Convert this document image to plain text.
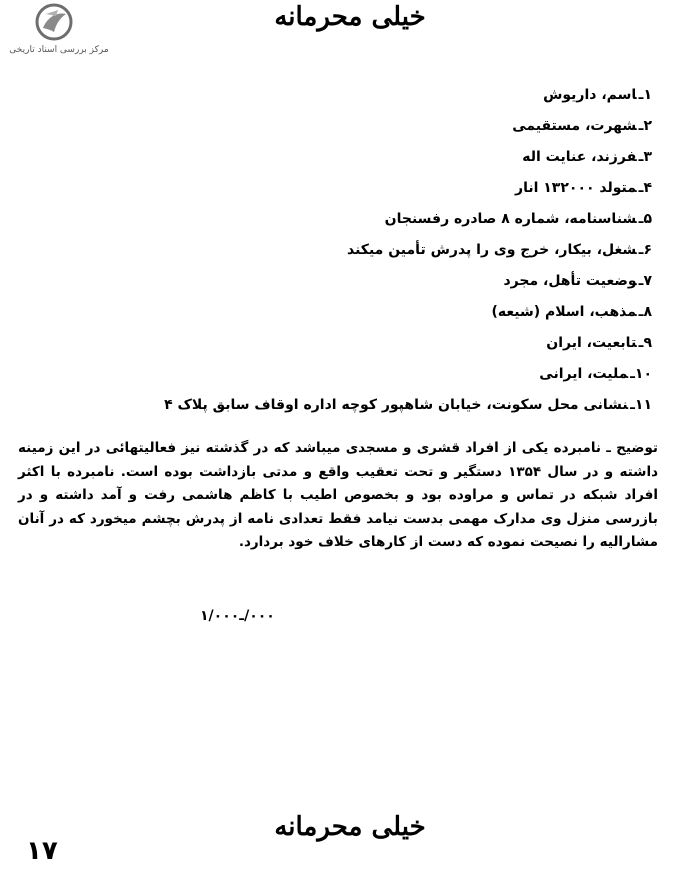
مرکز بررسی اسناد تاریخی
خیلی محرمانه
۱ـاسم، داریوش
۲ـشهرت، مستقیمی
۳ـفرزند، عنایت اله
۴ـمتولد ۱۳۲۰۰۰ انار
۵ـشناسنامه، شماره ۸ صادره رفسنجان
۶ـشغل، بیکار، خرج وی را پدرش تأمین میکند
۷ـوضعیت تأهل، مجرد
۸ـمذهب، اسلام (شیعه)
۹ـتابعیت، ایران
۱۰ـملیت، ایرانی
۱۱ـنشانی محل سکونت، خیابان شاهپور کوچه اداره اوقاف سابق پلاک ۴

توضیح ـ نامبرده یکی از افراد قشری و مسجدی میباشد که در گذشته نیز فعالیتهائی در این زمینه داشته و در سال ۱۳۵۴ دستگیر و تحت تعقیب واقع و مدتی بازداشت بوده است. نامبرده با اکثر افراد شبکه در تماس و مراوده بود و بخصوص اطیب با کاظم هاشمی رفت و آمد داشته و در بازرسی منزل وی مدارک مهمی بدست نیامد فقط تعدادی نامه از پدرش بچشم میخورد که در آنان مشارالیه را نصیحت نموده که دست از کارهای خلاف خود بردارد.

۰۰۰/ـ۱/۰۰۰
خیلی محرمانه
۱۷
